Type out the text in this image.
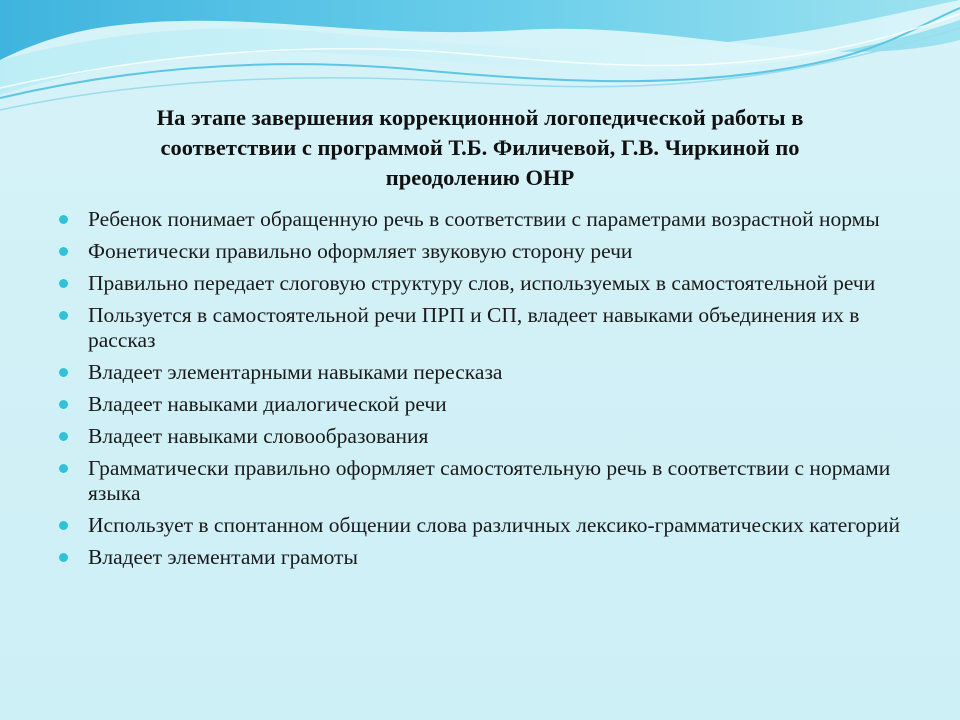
На этапе завершения коррекционной логопедической работы в
соответствии с программой Т.Б. Филичевой, Г.В. Чиркиной по
преодолению ОНР
Ребенок понимает обращенную речь в соответствии с параметрами возрастной нормы
Фонетически правильно оформляет звуковую сторону речи
Правильно передает слоговую структуру слов, используемых в самостоятельной речи
Пользуется в самостоятельной речи ПРП и СП, владеет навыками объединения их в рассказ
Владеет элементарными навыками пересказа
Владеет навыками диалогической речи
Владеет навыками словообразования
Грамматически правильно оформляет самостоятельную речь в соответствии с нормами языка
Использует в спонтанном общении слова различных лексико-грамматических категорий
Владеет элементами грамоты
